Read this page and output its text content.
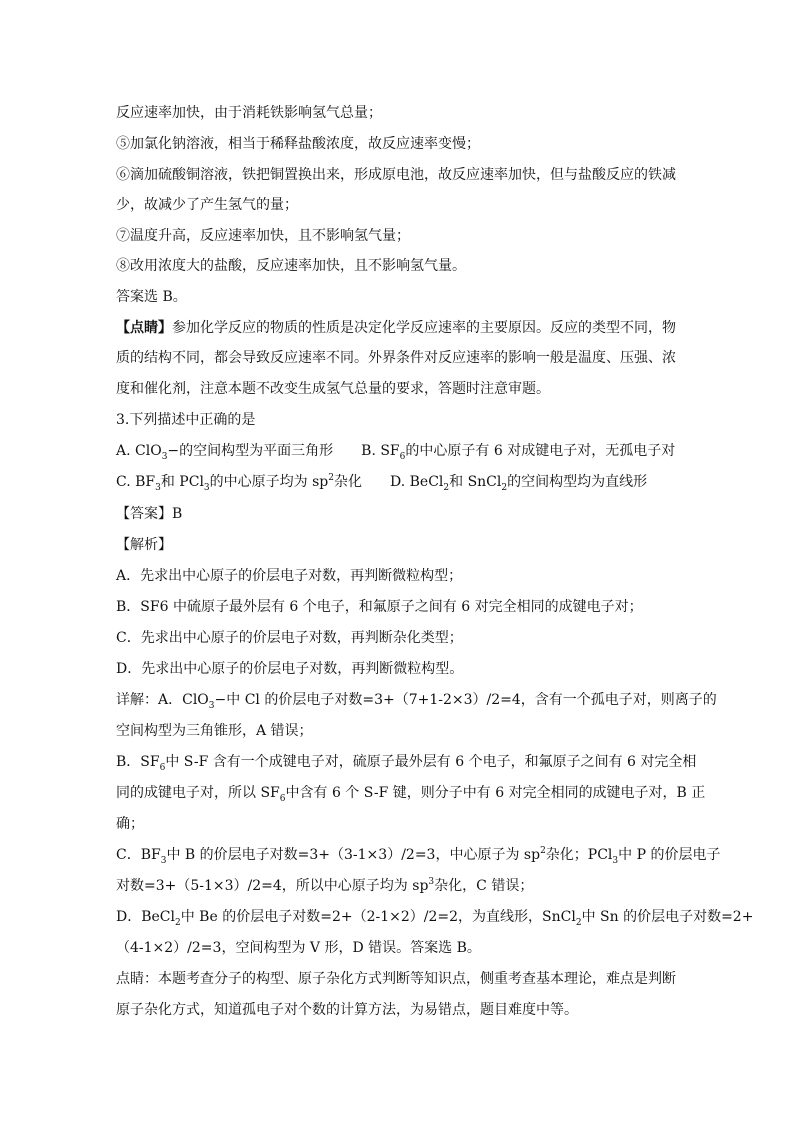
反应速率加快，由于消耗铁影响氢气总量；
⑤加氯化钠溶液，相当于稀释盐酸浓度，故反应速率变慢；
⑥滴加硫酸铜溶液，铁把铜置换出来，形成原电池，故反应速率加快，但与盐酸反应的铁减
少，故减少了产生氢气的量；
⑦温度升高，反应速率加快，且不影响氢气量；
⑧改用浓度大的盐酸，反应速率加快，且不影响氢气量。
答案选 B。
【点睛】参加化学反应的物质的性质是决定化学反应速率的主要原因。反应的类型不同，物
质的结构不同，都会导致反应速率不同。外界条件对反应速率的影响一般是温度、压强、浓
度和催化剂，注意本题不改变生成氢气总量的要求，答题时注意审题。
3.下列描述中正确的是
A. ClO$_3$−的空间构型为平面三角形　　B. $SF_6$的中心原子有 6 对成键电子对，无孤电子对
C. $BF_3$和 PCl$_3$的中心原子均为 $sp^2$杂化　　D. BeCl$_2$和 SnCl$_2$的空间构型均为直线形
【答案】B
【解析】
A．先求出中心原子的价层电子对数，再判断微粒构型；
B．SF6 中硫原子最外层有 6 个电子，和氟原子之间有 6 对完全相同的成键电子对；
C．先求出中心原子的价层电子对数，再判断杂化类型；
D．先求出中心原子的价层电子对数，再判断微粒构型。
详解：A．ClO$_3$−中 Cl 的价层电子对数=3+（7+1-2×3）/2=4，含有一个孤电子对，则离子的
空间构型为三角锥形，A 错误；
B．$SF_6$中 S-F 含有一个成键电子对，硫原子最外层有 6 个电子，和氟原子之间有 6 对完全相
同的成键电子对，所以 $SF_6$中含有 6 个 S-F 键，则分子中有 6 对完全相同的成键电子对，B 正
确；
C．$BF_3$中 B 的价层电子对数=3+（3-1×3）/2=3，中心原子为 $sp^2$杂化；PCl$_3$中 P 的价层电子
对数=3+（5-1×3）/2=4，所以中心原子均为 $sp^3$杂化，C 错误；
D．BeCl$_2$中 Be 的价层电子对数=2+（2-1×2）/2=2，为直线形，SnCl$_2$中 Sn 的价层电子对数=2+
（4-1×2）/2=3，空间构型为 V 形，D 错误。答案选 B。
点睛：本题考查分子的构型、原子杂化方式判断等知识点，侧重考查基本理论，难点是判断
原子杂化方式，知道孤电子对个数的计算方法，为易错点，题目难度中等。
